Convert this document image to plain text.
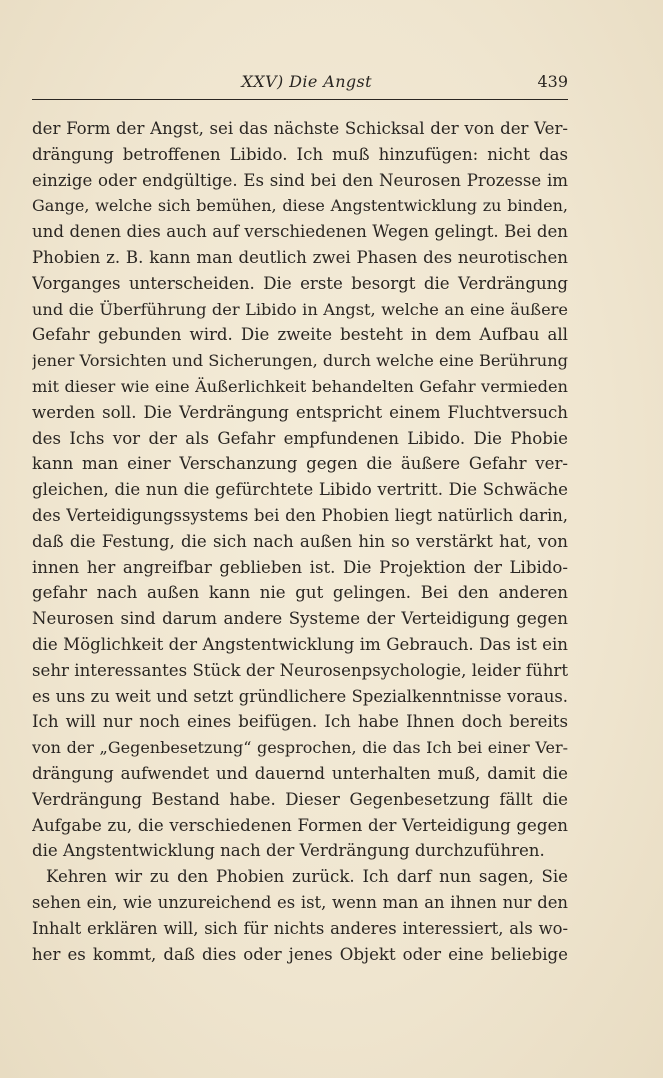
XXV) Die Angst	439
der Form der Angst, sei das nächste Schicksal der von der Ver-
drängung betroffenen Libido. Ich muß hinzufügen: nicht das
einzige oder endgültige. Es sind bei den Neurosen Prozesse im
Gange, welche sich bemühen, diese Angstentwicklung zu binden,
und denen dies auch auf verschiedenen Wegen gelingt. Bei den
Phobien z. B. kann man deutlich zwei Phasen des neurotischen
Vorganges unterscheiden. Die erste besorgt die Verdrängung
und die Überführung der Libido in Angst, welche an eine äußere
Gefahr gebunden wird. Die zweite besteht in dem Aufbau all
jener Vorsichten und Sicherungen, durch welche eine Berührung
mit dieser wie eine Äußerlichkeit behandelten Gefahr vermieden
werden soll. Die Verdrängung entspricht einem Fluchtversuch
des Ichs vor der als Gefahr empfundenen Libido. Die Phobie
kann man einer Verschanzung gegen die äußere Gefahr ver-
gleichen, die nun die gefürchtete Libido vertritt. Die Schwäche
des Verteidigungssystems bei den Phobien liegt natürlich darin,
daß die Festung, die sich nach außen hin so verstärkt hat, von
innen her angreifbar geblieben ist. Die Projektion der Libido-
gefahr nach außen kann nie gut gelingen. Bei den anderen
Neurosen sind darum andere Systeme der Verteidigung gegen
die Möglichkeit der Angstentwicklung im Gebrauch. Das ist ein
sehr interessantes Stück der Neurosenpsychologie, leider führt
es uns zu weit und setzt gründlichere Spezialkenntnisse voraus.
Ich will nur noch eines beifügen. Ich habe Ihnen doch bereits
von der „Gegenbesetzung“ gesprochen, die das Ich bei einer Ver-
drängung aufwendet und dauernd unterhalten muß, damit die
Verdrängung Bestand habe. Dieser Gegenbesetzung fällt die
Aufgabe zu, die verschiedenen Formen der Verteidigung gegen
die Angstentwicklung nach der Verdrängung durchzuführen.
Kehren wir zu den Phobien zurück. Ich darf nun sagen, Sie
sehen ein, wie unzureichend es ist, wenn man an ihnen nur den
Inhalt erklären will, sich für nichts anderes interessiert, als wo-
her es kommt, daß dies oder jenes Objekt oder eine beliebige
